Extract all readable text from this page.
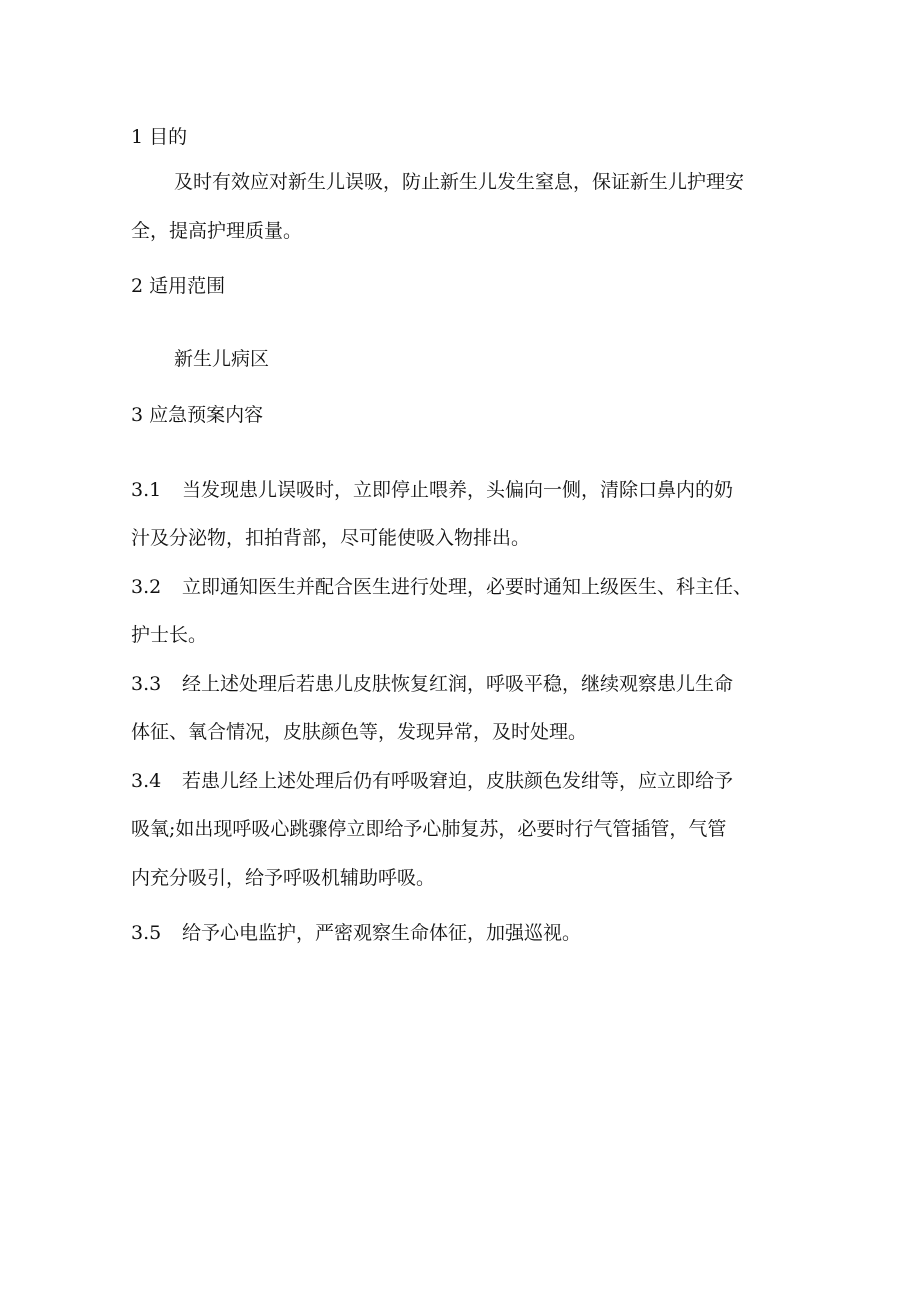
1 目的
及时有效应对新生儿误吸，防止新生儿发生窒息，保证新生儿护理安
全，提高护理质量。
2 适用范围
新生儿病区
3 应急预案内容
3.1 当发现患儿误吸时，立即停止喂养，头偏向一侧，清除口鼻内的奶
汁及分泌物，扣拍背部，尽可能使吸入物排出。
3.2 立即通知医生并配合医生进行处理，必要时通知上级医生、科主任、
护士长。
3.3 经上述处理后若患儿皮肤恢复红润，呼吸平稳，继续观察患儿生命
体征、氧合情况，皮肤颜色等，发现异常，及时处理。
3.4 若患儿经上述处理后仍有呼吸窘迫，皮肤颜色发绀等，应立即给予
吸氧;如出现呼吸心跳骤停立即给予心肺复苏，必要时行气管插管，气管
内充分吸引，给予呼吸机辅助呼吸。
3.5 给予心电监护，严密观察生命体征，加强巡视。
